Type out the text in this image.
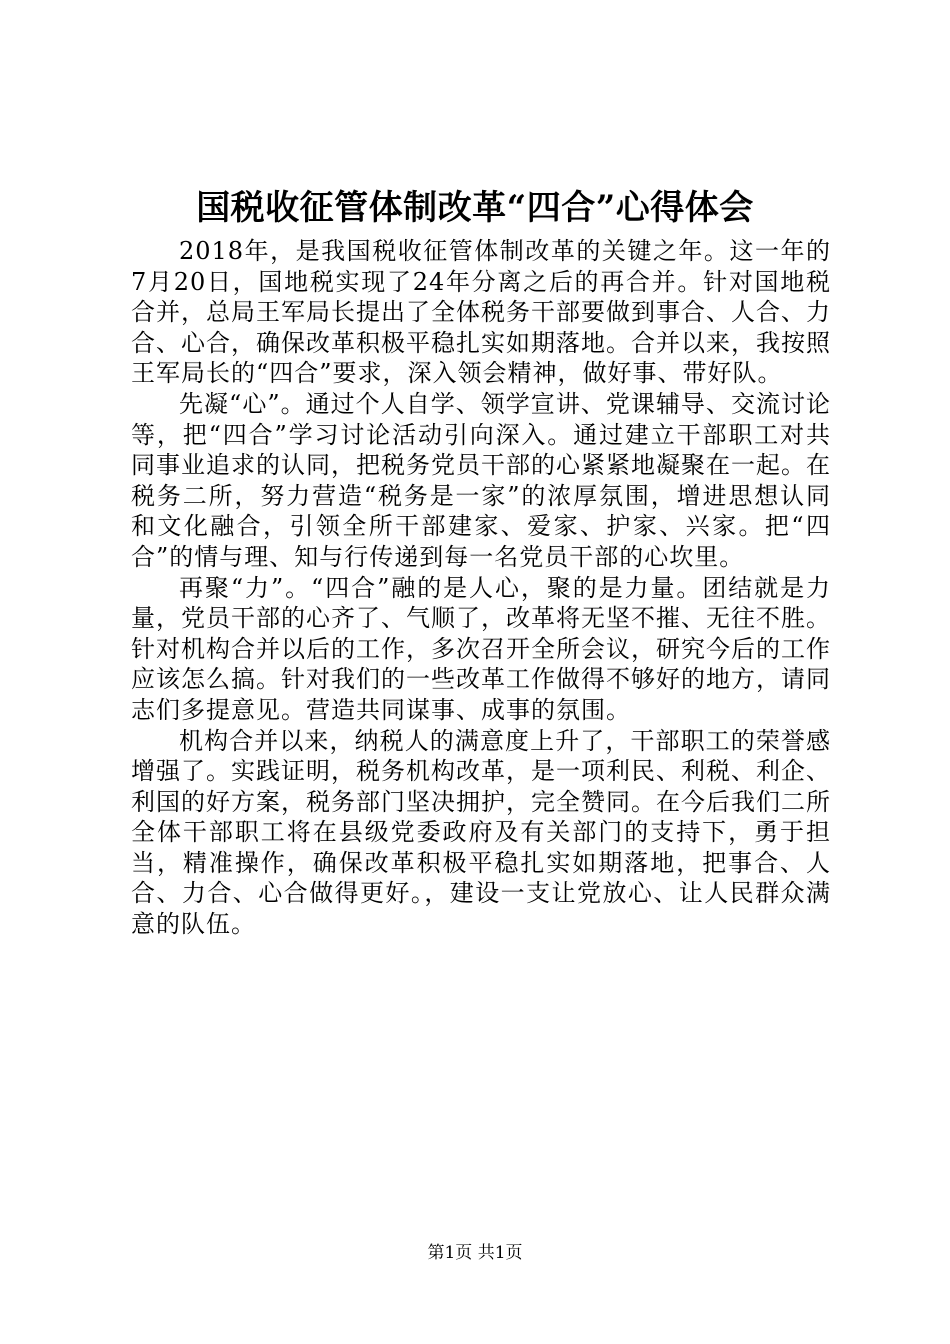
国税收征管体制改革“四合”心得体会

2018年，是我国税收征管体制改革的关键之年。这一年的7月20日，国地税实现了24年分离之后的再合并。针对国地税合并，总局王军局长提出了全体税务干部要做到事合、人合、力合、心合，确保改革积极平稳扎实如期落地。合并以来，我按照王军局长的“四合”要求，深入领会精神，做好事、带好队。

先凝“心”。通过个人自学、领学宣讲、党课辅导、交流讨论等，把“四合”学习讨论活动引向深入。通过建立干部职工对共同事业追求的认同，把税务党员干部的心紧紧地凝聚在一起。在税务二所，努力营造“税务是一家”的浓厚氛围，增进思想认同和文化融合，引领全所干部建家、爱家、护家、兴家。把“四合”的情与理、知与行传递到每一名党员干部的心坎里。

再聚“力”。“四合”融的是人心，聚的是力量。团结就是力量，党员干部的心齐了、气顺了，改革将无坚不摧、无往不胜。针对机构合并以后的工作，多次召开全所会议，研究今后的工作应该怎么搞。针对我们的一些改革工作做得不够好的地方，请同志们多提意见。营造共同谋事、成事的氛围。

机构合并以来，纳税人的满意度上升了，干部职工的荣誉感增强了。实践证明，税务机构改革，是一项利民、利税、利企、利国的好方案，税务部门坚决拥护，完全赞同。在今后我们二所全体干部职工将在县级党委政府及有关部门的支持下，勇于担当，精准操作，确保改革积极平稳扎实如期落地，把事合、人合、力合、心合做得更好。，建设一支让党放心、让人民群众满意的队伍。

第1页 共1页
